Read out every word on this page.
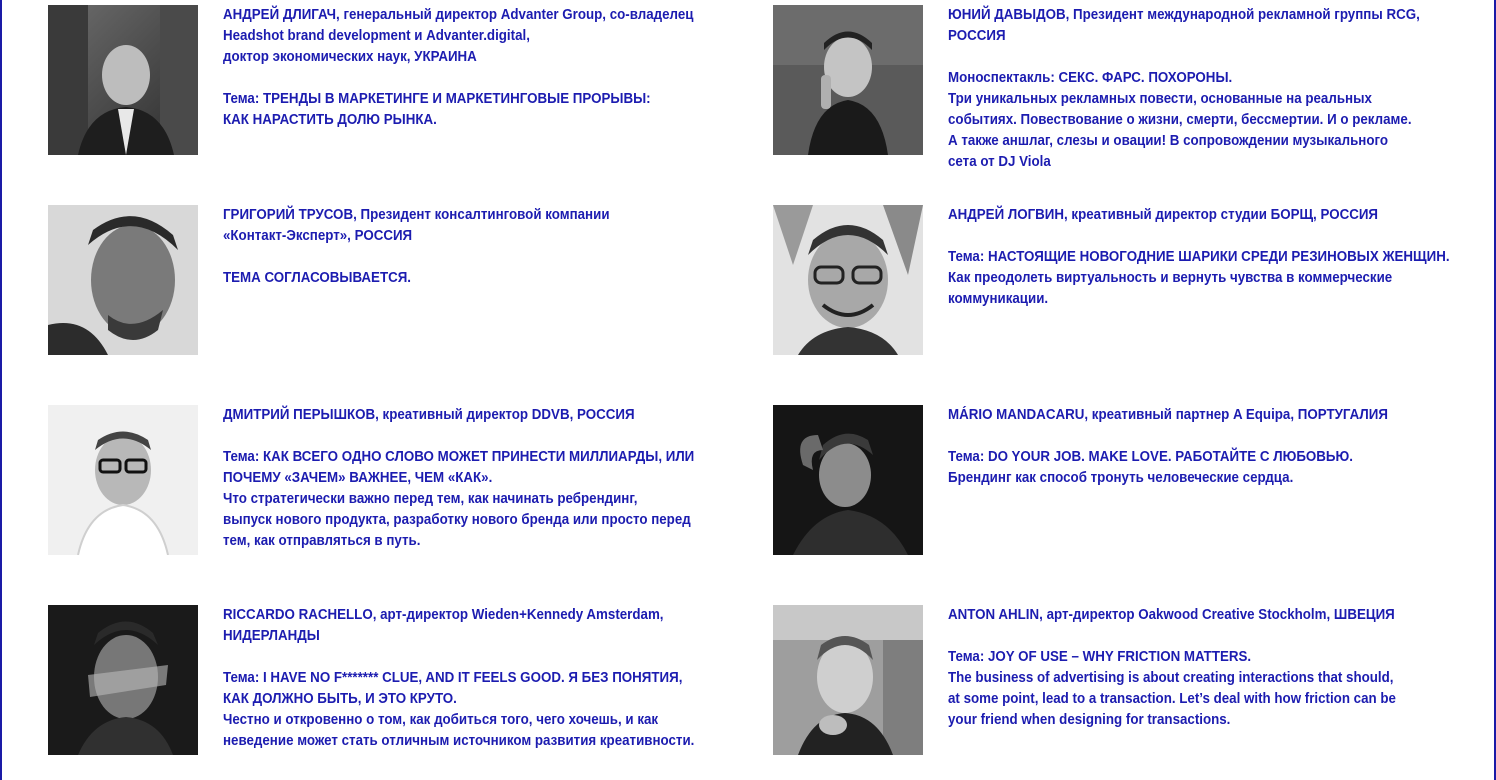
АНДРЕЙ ДЛИГАЧ, генеральный директор Advanter Group, со-владелец
Headshot brand development и Advanter.digital,
доктор экономических наук, УКРАИНА
Тема: ТРЕНДЫ В МАРКЕТИНГЕ И МАРКЕТИНГОВЫЕ ПРОРЫВЫ:
КАК НАРАСТИТЬ ДОЛЮ РЫНКА.
ЮНИЙ ДАВЫДОВ, Президент международной рекламной группы RCG,
РОССИЯ
Моноспектакль: СЕКС. ФАРС. ПОХОРОНЫ.
Три уникальных рекламных повести, основанные на реальных
событиях. Повествование о жизни, смерти, бессмертии. И о рекламе.
А также аншлаг, слезы и овации! В сопровождении музыкального
сета от DJ Viola
ГРИГОРИЙ ТРУСОВ, Президент консалтинговой компании
«Контакт-Эксперт», РОССИЯ
ТЕМА СОГЛАСОВЫВАЕТСЯ.
АНДРЕЙ ЛОГВИН, креативный директор студии БОРЩ, РОССИЯ
Тема: НАСТОЯЩИЕ НОВОГОДНИЕ ШАРИКИ СРЕДИ РЕЗИНОВЫХ ЖЕНЩИН.
Как преодолеть виртуальность и вернуть чувства в коммерческие
коммуникации.
ДМИТРИЙ ПЕРЫШКОВ, креативный директор DDVB, РОССИЯ
Тема: КАК ВСЕГО ОДНО СЛОВО МОЖЕТ ПРИНЕСТИ МИЛЛИАРДЫ, ИЛИ
ПОЧЕМУ «ЗАЧЕМ» ВАЖНЕЕ, ЧЕМ «КАК».
Что стратегически важно перед тем, как начинать ребрендинг,
выпуск нового продукта, разработку нового бренда или просто перед
тем, как отправляться в путь.
MÁRIO MANDACARU, креативный партнер A Equipa, ПОРТУГАЛИЯ
Тема: DO YOUR JOB. MAKE LOVE. РАБОТАЙТЕ С ЛЮБОВЬЮ.
Брендинг как способ тронуть человеческие сердца.
RICCARDO RACHELLO, арт-директор Wieden+Kennedy Amsterdam,
НИДЕРЛАНДЫ
Тема: I HAVE NO F******* CLUE, AND IT FEELS GOOD. Я БЕЗ ПОНЯТИЯ,
КАК ДОЛЖНО БЫТЬ, И ЭТО КРУТО.
Честно и откровенно о том, как добиться того, чего хочешь, и как
неведение может стать отличным источником развития креативности.
ANTON AHLIN, арт-директор Oakwood Creative Stockholm, ШВЕЦИЯ
Тема: JOY OF USE – WHY FRICTION MATTERS.
The business of advertising is about creating interactions that should,
at some point, lead to a transaction. Let’s deal with how friction can be
your friend when designing for transactions.
